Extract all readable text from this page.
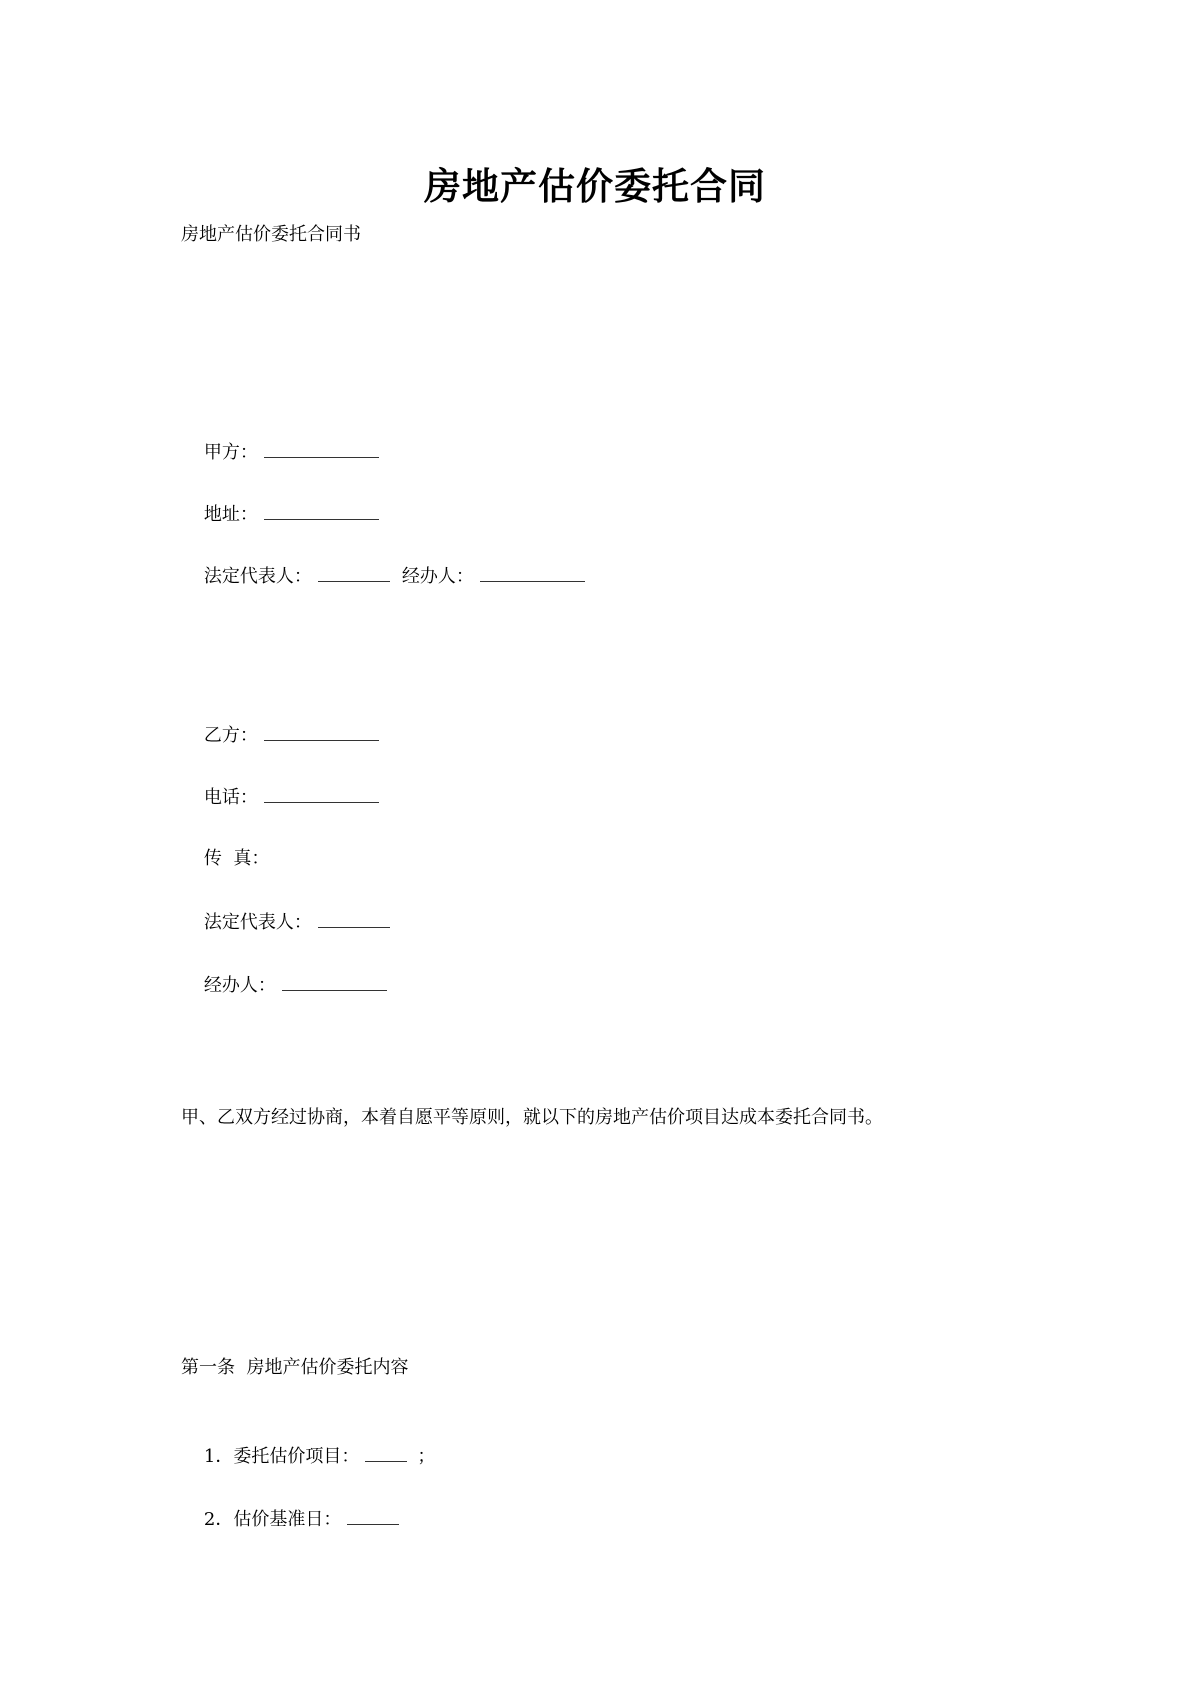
房地产估价委托合同
房地产估价委托合同书

甲方：

地址：

法定代表人：	经办人：

乙方：

电话：

传  真：

法定代表人：

经办人：

甲、乙双方经过协商，本着自愿平等原则，就以下的房地产估价项目达成本委托合同书。
第一条  房地产估价委托内容

1．委托估价项目：	；

2．估价基准日：
